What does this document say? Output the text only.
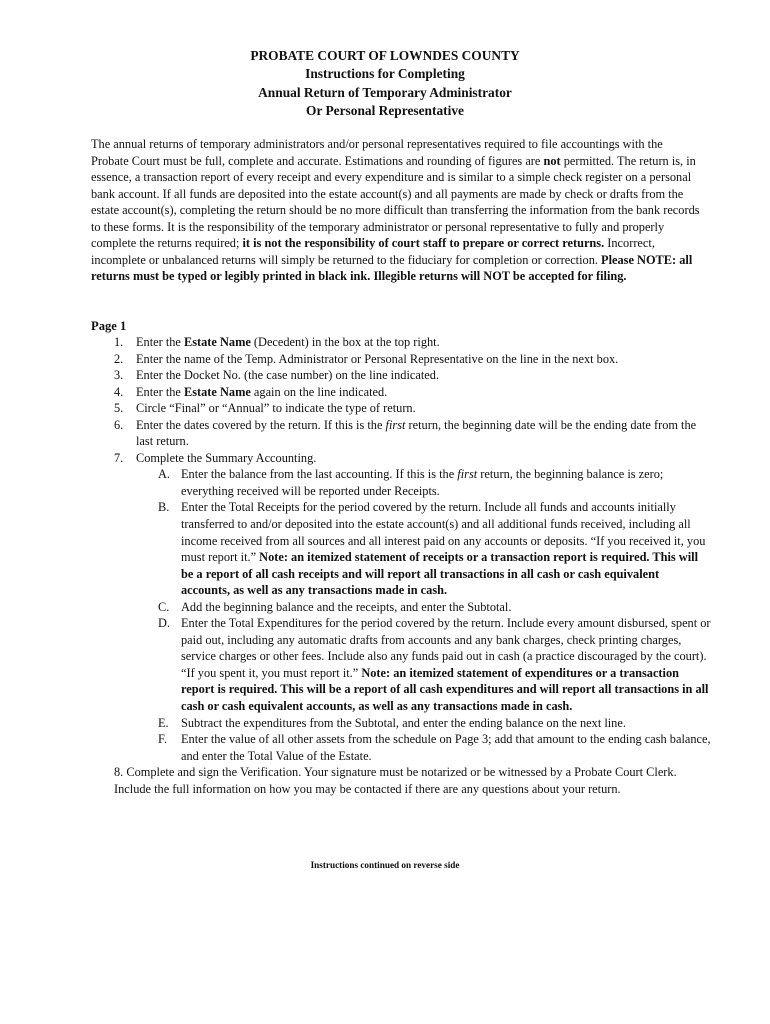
PROBATE COURT OF LOWNDES COUNTY
Instructions for Completing
Annual Return of Temporary Administrator
Or Personal Representative
The annual returns of temporary administrators and/or personal representatives required to file accountings with the Probate Court must be full, complete and accurate. Estimations and rounding of figures are not permitted. The return is, in essence, a transaction report of every receipt and every expenditure and is similar to a simple check register on a personal bank account. If all funds are deposited into the estate account(s) and all payments are made by check or drafts from the estate account(s), completing the return should be no more difficult than transferring the information from the bank records to these forms. It is the responsibility of the temporary administrator or personal representative to fully and properly complete the returns required; it is not the responsibility of court staff to prepare or correct returns. Incorrect, incomplete or unbalanced returns will simply be returned to the fiduciary for completion or correction. Please NOTE: all returns must be typed or legibly printed in black ink. Illegible returns will NOT be accepted for filing.
Page 1
1. Enter the Estate Name (Decedent) in the box at the top right.
2. Enter the name of the Temp. Administrator or Personal Representative on the line in the next box.
3. Enter the Docket No. (the case number) on the line indicated.
4. Enter the Estate Name again on the line indicated.
5. Circle “Final” or “Annual” to indicate the type of return.
6. Enter the dates covered by the return. If this is the first return, the beginning date will be the ending date from the last return.
7. Complete the Summary Accounting.
A. Enter the balance from the last accounting. If this is the first return, the beginning balance is zero; everything received will be reported under Receipts.
B. Enter the Total Receipts for the period covered by the return. Include all funds and accounts initially transferred to and/or deposited into the estate account(s) and all additional funds received, including all income received from all sources and all interest paid on any accounts or deposits. “If you received it, you must report it.” Note: an itemized statement of receipts or a transaction report is required. This will be a report of all cash receipts and will report all transactions in all cash or cash equivalent accounts, as well as any transactions made in cash.
C. Add the beginning balance and the receipts, and enter the Subtotal.
D. Enter the Total Expenditures for the period covered by the return. Include every amount disbursed, spent or paid out, including any automatic drafts from accounts and any bank charges, check printing charges, service charges or other fees. Include also any funds paid out in cash (a practice discouraged by the court). “If you spent it, you must report it.” Note: an itemized statement of expenditures or a transaction report is required. This will be a report of all cash expenditures and will report all transactions in all cash or cash equivalent accounts, as well as any transactions made in cash.
E. Subtract the expenditures from the Subtotal, and enter the ending balance on the next line.
F. Enter the value of all other assets from the schedule on Page 3; add that amount to the ending cash balance, and enter the Total Value of the Estate.
8. Complete and sign the Verification. Your signature must be notarized or be witnessed by a Probate Court Clerk. Include the full information on how you may be contacted if there are any questions about your return.
Instructions continued on reverse side
